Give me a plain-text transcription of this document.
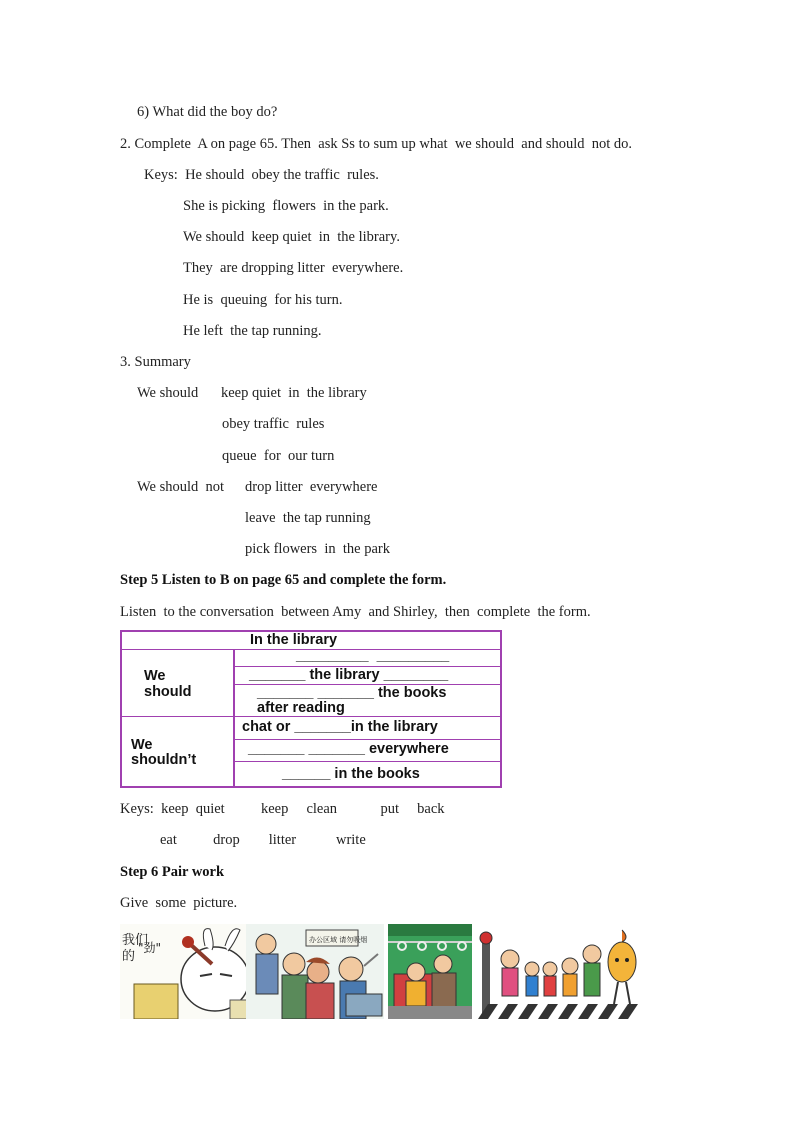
6) What did the boy do?
2. Complete  A on page 65. Then  ask Ss to sum up what  we should  and should  not do.
Keys:  He should  obey the traffic  rules.
She is picking  flowers  in the park.
We should  keep quiet  in  the library.
They  are dropping litter  everywhere.
He is  queuing  for his turn.
He left  the tap running.
3. Summary
We should keep quiet  in  the library
obey traffic  rules
queue  for  our turn
We should  not drop litter  everywhere
leave  the tap running
pick flowers  in  the park
Step 5 Listen to B on page 65 and complete the form.
Listen  to the conversation  between Amy  and Shirley,  then  complete  the form.
In the library
We
should
_________  _________
_______ the library ________
_______ _______ the books
after reading
We
shouldn’t
chat or _______in the library
_______ _______ everywhere
______ in the books
Keys:  keep  quiet          keep     clean            put     back
eat          drop        litter           write
Step 6 Pair work
Give  some  picture.
我们
的
"劲"
办公区域 请勿吸烟
